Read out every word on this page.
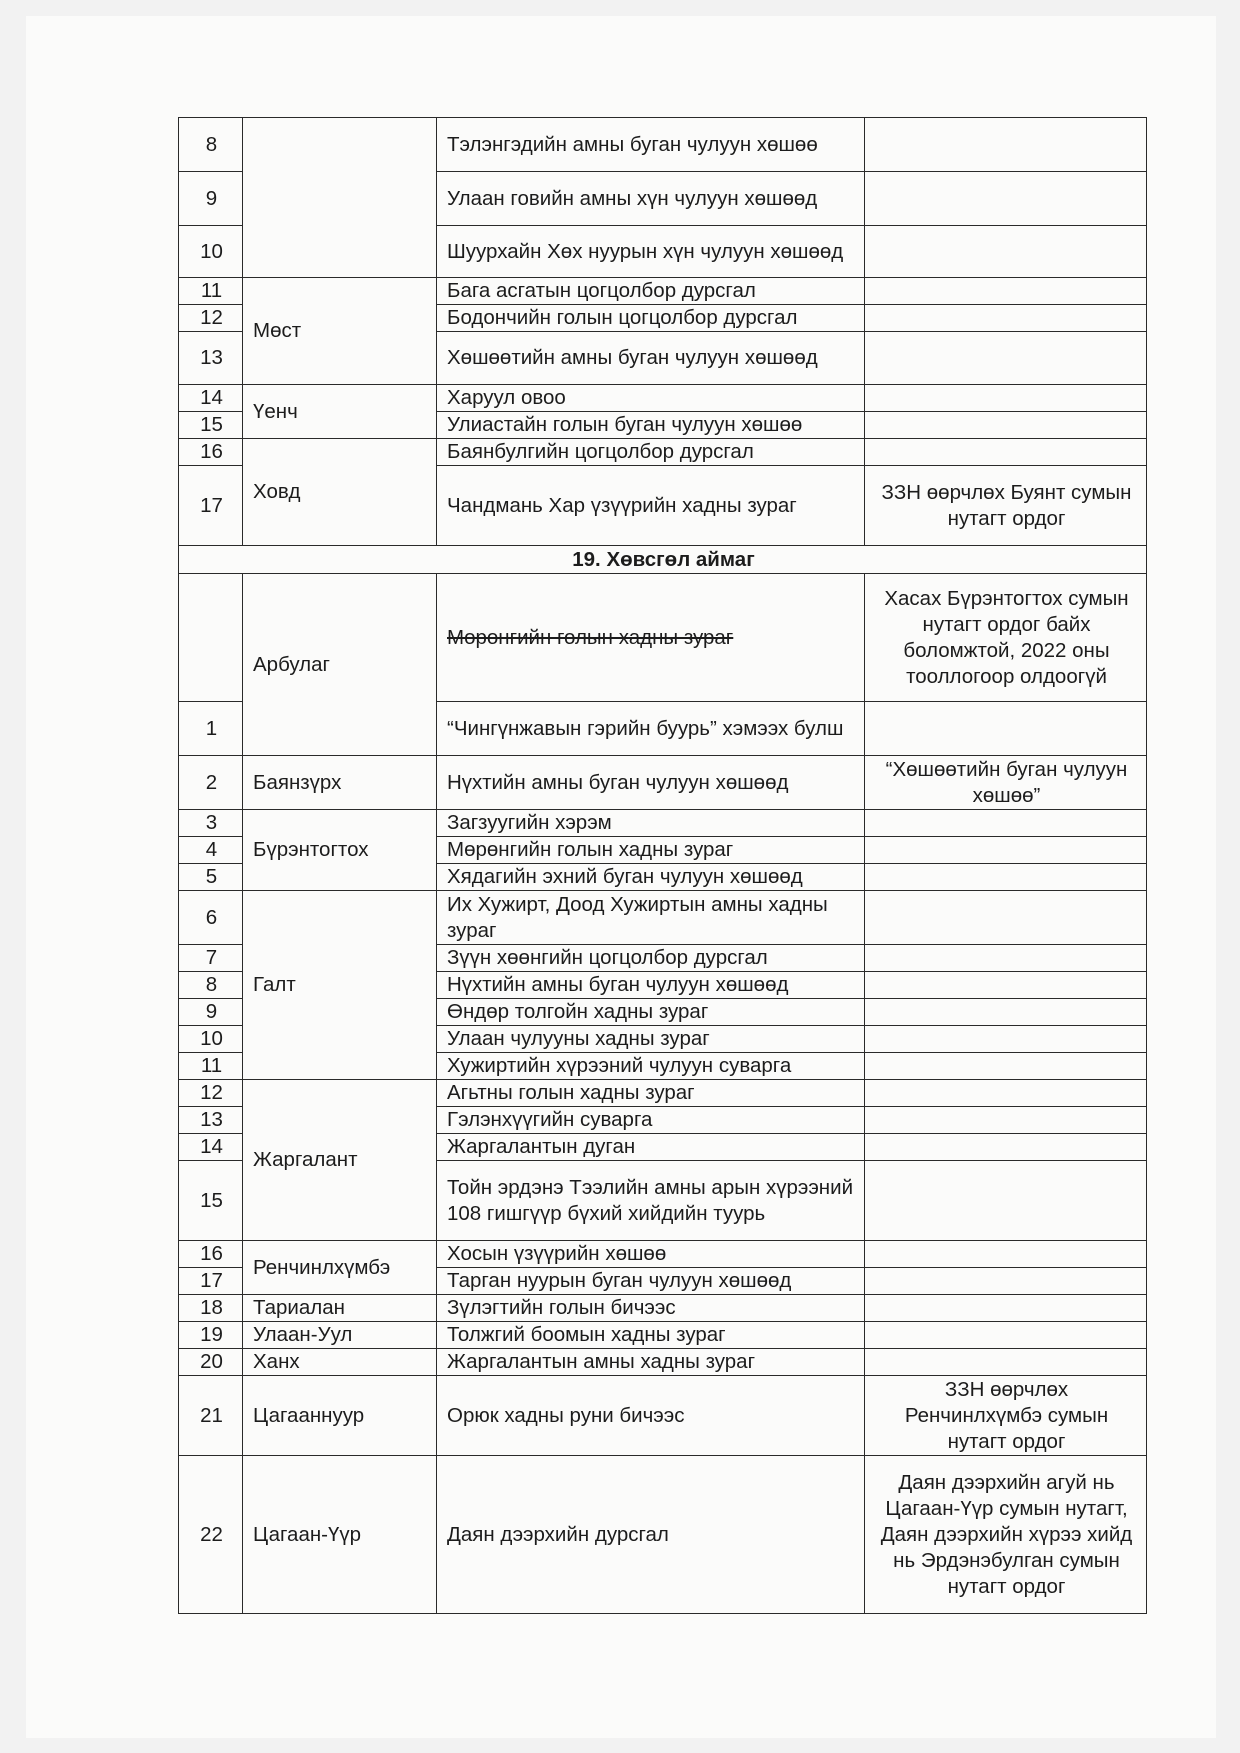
8		Тэлэнгэдийн амны буган чулуун хөшөө	
9		Улаан говийн амны хүн чулуун хөшөөд	
10		Шуурхайн Хөх нуурын хүн чулуун хөшөөд	
11	Мөст	Бага асгатын цогцолбор дурсгал	
12		Бодончийн голын цогцолбор дурсгал	
13		Хөшөөтийн амны буган чулуун хөшөөд	
14	Үенч	Харуул овоо	
15		Улиастайн голын буган чулуун хөшөө	
16	Ховд	Баянбулгийн цогцолбор дурсгал	
17		Чандмань Хар үзүүрийн хадны зураг	ЗЗН өөрчлөх Буянт сумын нутагт ордог
19. Хөвсгөл аймаг			
	Арбулаг	Мөрөнгийн голын хадны зураг	Хасах Бүрэнтогтох сумын нутагт ордог байх боломжтой, 2022 оны тооллогоор олдоогүй
1		“Чингүнжавын гэрийн буурь” хэмээх булш	
2	Баянзүрх	Нүхтийн амны буган чулуун хөшөөд	“Хөшөөтийн буган чулуун хөшөө”
3	Бүрэнтогтох	Загзуугийн хэрэм	
4		Мөрөнгийн голын хадны зураг	
5		Хядагийн эхний буган чулуун хөшөөд	
6	Галт	Их Хужирт, Доод Хужиртын амны хадны зураг	
7		Зүүн хөөнгийн цогцолбор дурсгал	
8		Нүхтийн амны буган чулуун хөшөөд	
9		Өндөр толгойн хадны зураг	
10		Улаан чулууны хадны зураг	
11		Хужиртийн хүрээний чулуун суварга	
12	Жаргалант	Агьтны голын хадны зураг	
13		Гэлэнхүүгийн суварга	
14		Жаргалантын дуган	
15		Тойн эрдэнэ Тээлийн амны арын хүрээний 108 гишгүүр бүхий хийдийн туурь	
16	Ренчинлхүмбэ	Хосын үзүүрийн хөшөө	
17		Тарган нуурын буган чулуун хөшөөд	
18	Тариалан	Зүлэгтийн голын бичээс	
19	Улаан-Уул	Толжгий боомын хадны зураг	
20	Ханх	Жаргалантын амны хадны зураг	
21	Цагааннуур	Орюк хадны руни бичээс	ЗЗН өөрчлөх Ренчинлхүмбэ сумын нутагт ордог
22	Цагаан-Үүр	Даян дээрхийн дурсгал	Даян дээрхийн агуй нь Цагаан-Үүр сумын нутагт, Даян дээрхийн хүрээ хийд нь Эрдэнэбулган сумын нутагт ордог
